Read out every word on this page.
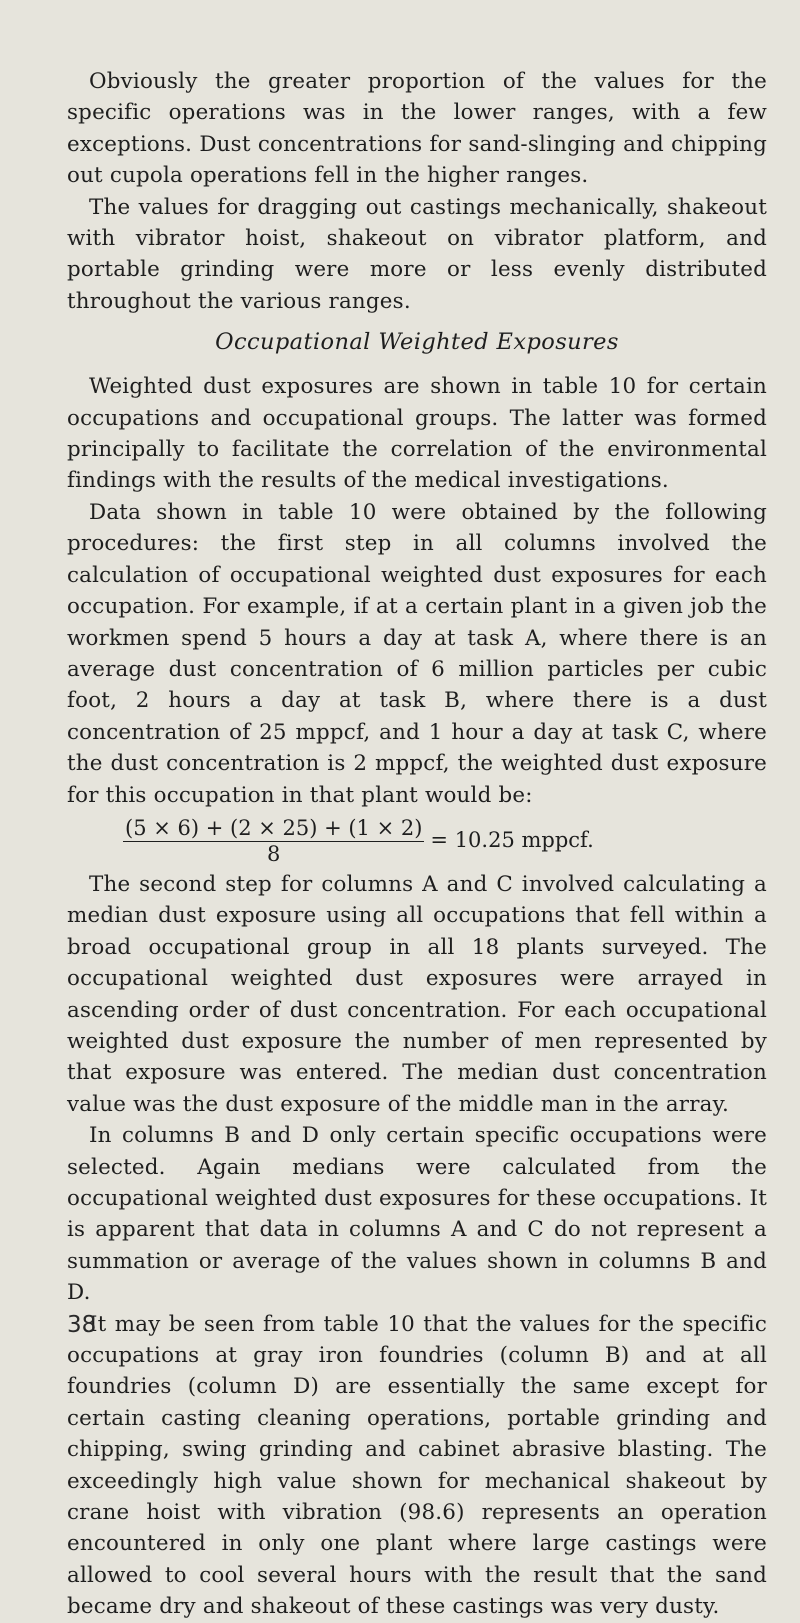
Obviously the greater proportion of the values for the specific operations was in the lower ranges, with a few exceptions. Dust concentrations for sand-slinging and chipping out cupola operations fell in the higher ranges.

The values for dragging out castings mechanically, shakeout with vibrator hoist, shakeout on vibrator platform, and portable grinding were more or less evenly distributed throughout the various ranges.

Occupational Weighted Exposures

Weighted dust exposures are shown in table 10 for certain occupations and occupational groups. The latter was formed principally to facilitate the correlation of the environmental findings with the results of the medical investigations.

Data shown in table 10 were obtained by the following procedures: the first step in all columns involved the calculation of occupational weighted dust exposures for each occupation. For example, if at a certain plant in a given job the workmen spend 5 hours a day at task A, where there is an average dust concentration of 6 million particles per cubic foot, 2 hours a day at task B, where there is a dust concentration of 25 mppcf, and 1 hour a day at task C, where the dust concentration is 2 mppcf, the weighted dust exposure for this occupation in that plant would be:

$\frac{(5 \times 6) + (2 \times 25) + (1 \times 2)}{8} = 10.25$ mppcf.

The second step for columns A and C involved calculating a median dust exposure using all occupations that fell within a broad occupational group in all 18 plants surveyed. The occupational weighted dust exposures were arrayed in ascending order of dust concentration. For each occupational weighted dust exposure the number of men represented by that exposure was entered. The median dust concentration value was the dust exposure of the middle man in the array.

In columns B and D only certain specific occupations were selected. Again medians were calculated from the occupational weighted dust exposures for these occupations. It is apparent that data in columns A and C do not represent a summation or average of the values shown in columns B and D.

It may be seen from table 10 that the values for the specific occupations at gray iron foundries (column B) and at all foundries (column D) are essentially the same except for certain casting cleaning operations, portable grinding and chipping, swing grinding and cabinet abrasive blasting. The exceedingly high value shown for mechanical shakeout by crane hoist with vibration (98.6) represents an operation encountered in only one plant where large castings were allowed to cool several hours with the result that the sand became dry and shakeout of these castings was very dusty.

38
